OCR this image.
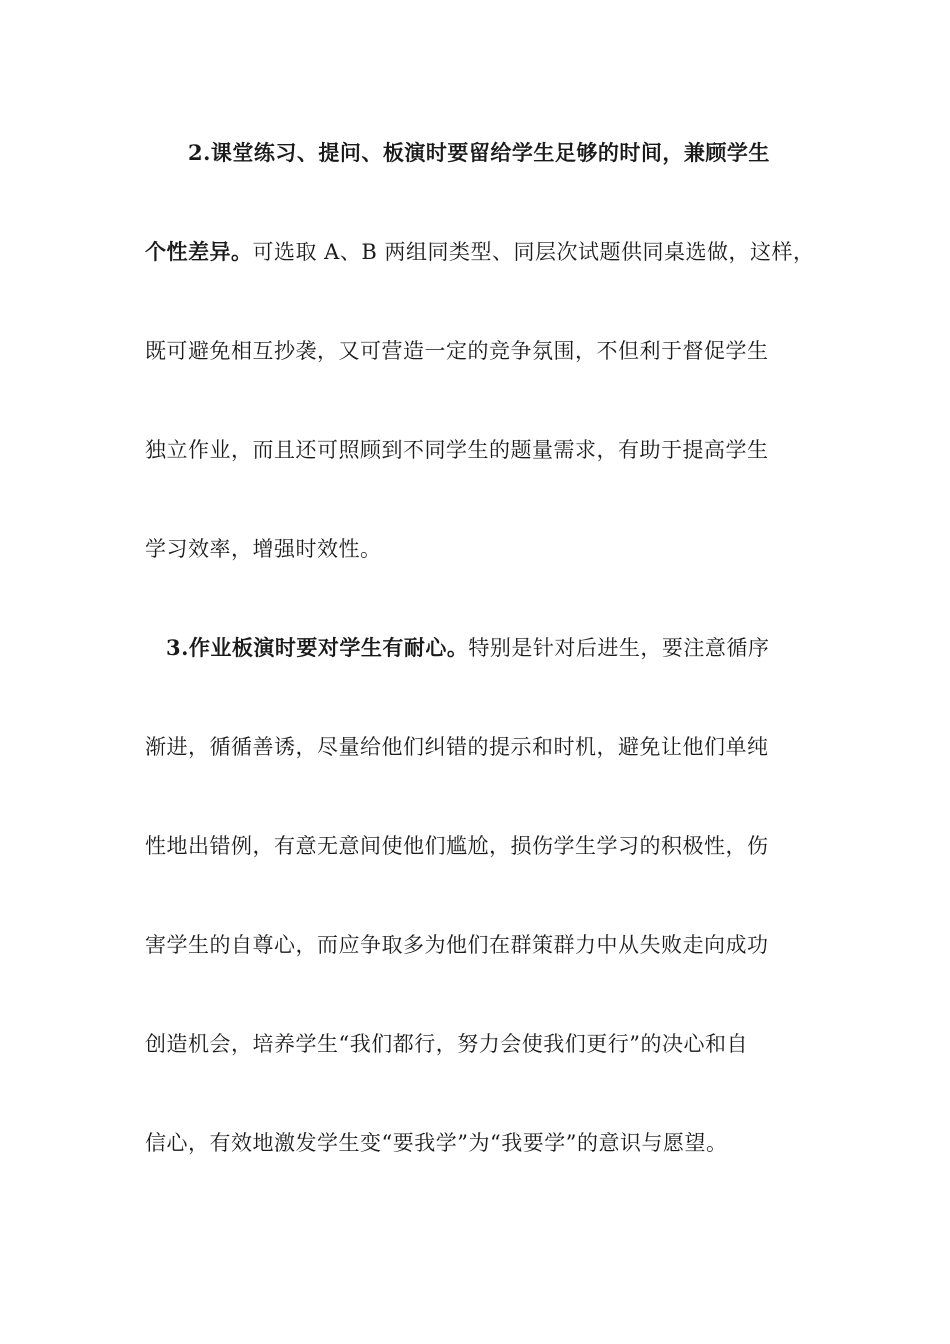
2.课堂练习、提问、板演时要留给学生足够的时间，兼顾学生
个性差异。可选取 A、B 两组同类型、同层次试题供同桌选做，这样，
既可避免相互抄袭，又可营造一定的竞争氛围，不但利于督促学生
独立作业，而且还可照顾到不同学生的题量需求，有助于提高学生
学习效率，增强时效性。
3.作业板演时要对学生有耐心。特别是针对后进生，要注意循序
渐进，循循善诱，尽量给他们纠错的提示和时机，避免让他们单纯
性地出错例，有意无意间使他们尴尬，损伤学生学习的积极性，伤
害学生的自尊心，而应争取多为他们在群策群力中从失败走向成功
创造机会，培养学生“我们都行，努力会使我们更行”的决心和自
信心，有效地激发学生变“要我学”为“我要学”的意识与愿望。
